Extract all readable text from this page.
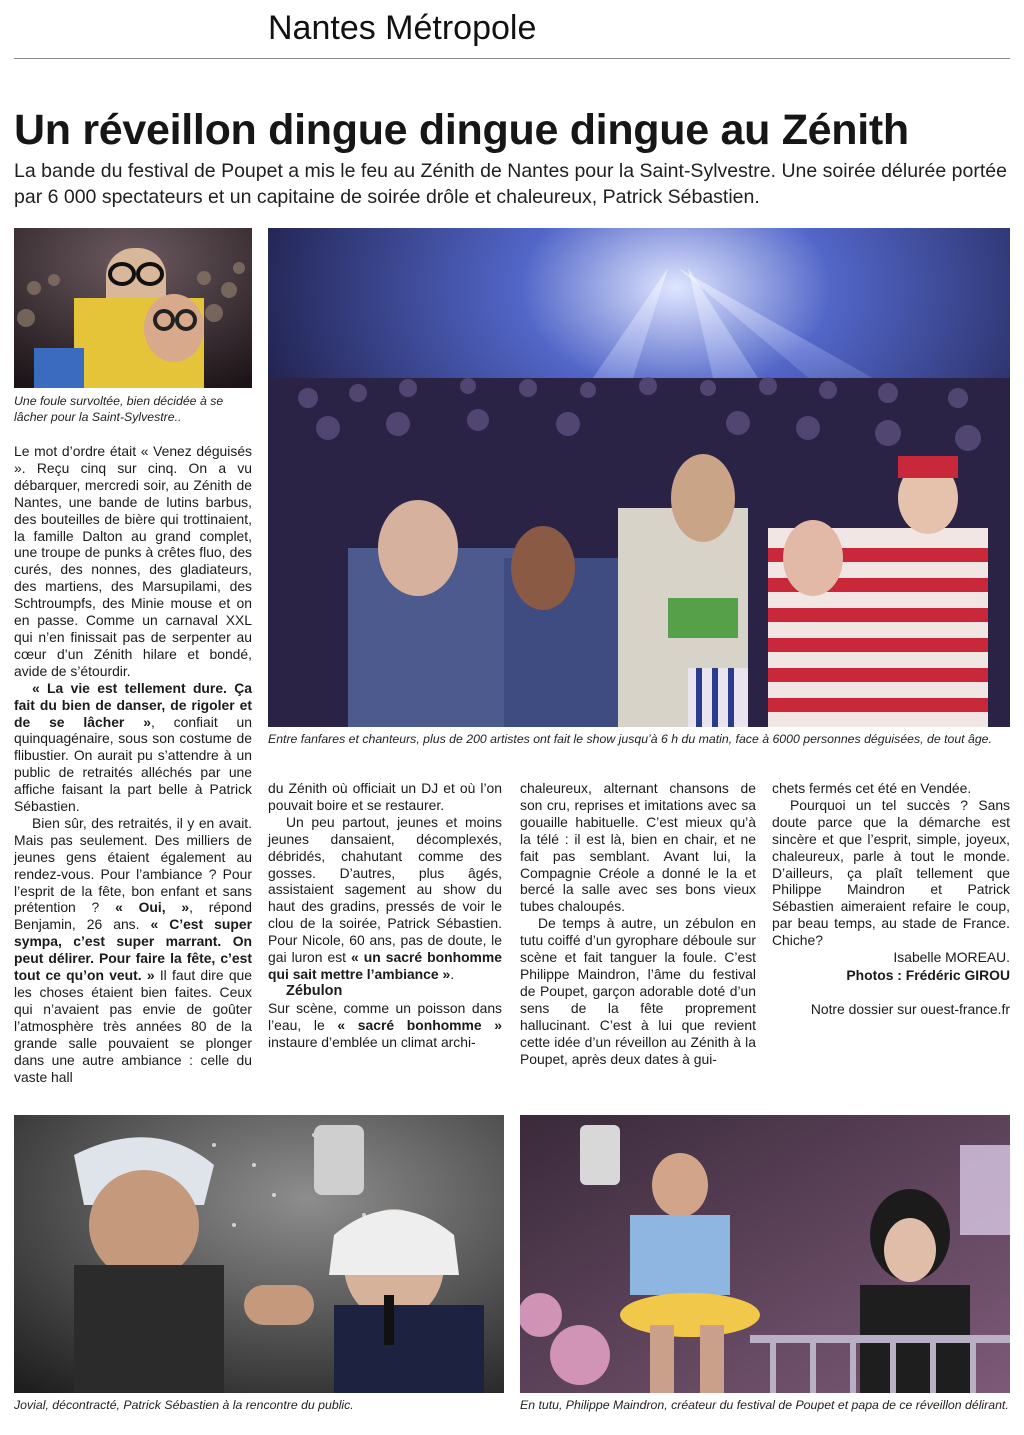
Nantes Métropole
Un réveillon dingue dingue dingue au Zénith
La bande du festival de Poupet a mis le feu au Zénith de Nantes pour la Saint-Sylvestre. Une soirée délurée portée par 6 000 spectateurs et un capitaine de soirée drôle et chaleureux, Patrick Sébastien.
Une foule survoltée, bien décidée à se lâcher pour la Saint-Sylvestre..
Entre fanfares et chanteurs, plus de 200 artistes ont fait le show jusqu’à 6 h du matin, face à 6000 personnes déguisées, de tout âge.

Le mot d’ordre était « Venez déguisés ». Reçu cinq sur cinq. On a vu débarquer, mercredi soir, au Zénith de Nantes, une bande de lutins barbus, des bouteilles de bière qui trottinaient, la famille Dalton au grand complet, une troupe de punks à crêtes fluo, des curés, des nonnes, des gladiateurs, des martiens, des Marsupilami, des Schtroumpfs, des Minie mouse et on en passe. Comme un carnaval XXL qui n’en finissait pas de serpenter au cœur d’un Zénith hilare et bondé, avide de s’étourdir.

« La vie est tellement dure. Ça fait du bien de danser, de rigoler et de se lâcher », confiait un quinquagénaire, sous son costume de flibustier. On aurait pu s’attendre à un public de retraités alléchés par une affiche faisant la part belle à Patrick Sébastien.

Bien sûr, des retraités, il y en avait. Mais pas seulement. Des milliers de jeunes gens étaient également au rendez-vous. Pour l’ambiance ? Pour l’esprit de la fête, bon enfant et sans prétention ? « Oui, », répond Benjamin, 26 ans. « C’est super sympa, c’est super marrant. On peut délirer. Pour faire la fête, c’est tout ce qu’on veut. » Il faut dire que les choses étaient bien faites. Ceux qui n’avaient pas envie de goûter l’atmosphère très années 80 de la grande salle pouvaient se plonger dans une autre ambiance : celle du vaste hall

du Zénith où officiait un DJ et où l’on pouvait boire et se restaurer.

Un peu partout, jeunes et moins jeunes dansaient, décomplexés, débridés, chahutant comme des gosses. D’autres, plus âgés, assistaient sagement au show du haut des gradins, pressés de voir le clou de la soirée, Patrick Sébastien. Pour Nicole, 60 ans, pas de doute, le gai luron est « un sacré bonhomme qui sait mettre l’ambiance ».

Zébulon

Sur scène, comme un poisson dans l’eau, le « sacré bonhomme » instaure d’emblée un climat archi-

chaleureux, alternant chansons de son cru, reprises et imitations avec sa gouaille habituelle. C’est mieux qu’à la télé : il est là, bien en chair, et ne fait pas semblant. Avant lui, la Compagnie Créole a donné le la et bercé la salle avec ses bons vieux tubes chaloupés.

De temps à autre, un zébulon en tutu coiffé d’un gyrophare déboule sur scène et fait tanguer la foule. C’est Philippe Maindron, l’âme du festival de Poupet, garçon adorable doté d’un sens de la fête proprement hallucinant. C’est à lui que revient cette idée d’un réveillon au Zénith à la Poupet, après deux dates à gui-

chets fermés cet été en Vendée.

Pourquoi un tel succès ? Sans doute parce que la démarche est sincère et que l’esprit, simple, joyeux, chaleureux, parle à tout le monde. D’ailleurs, ça plaît tellement que Philippe Maindron et Patrick Sébastien aimeraient refaire le coup, par beau temps, au stade de France. Chiche?

Isabelle MOREAU.
Photos : Frédéric GIROU
Notre dossier sur ouest-france.fr
Jovial, décontracté, Patrick Sébastien à la rencontre du public.	En tutu, Philippe Maindron, créateur du festival de Poupet et papa de ce réveillon délirant.
